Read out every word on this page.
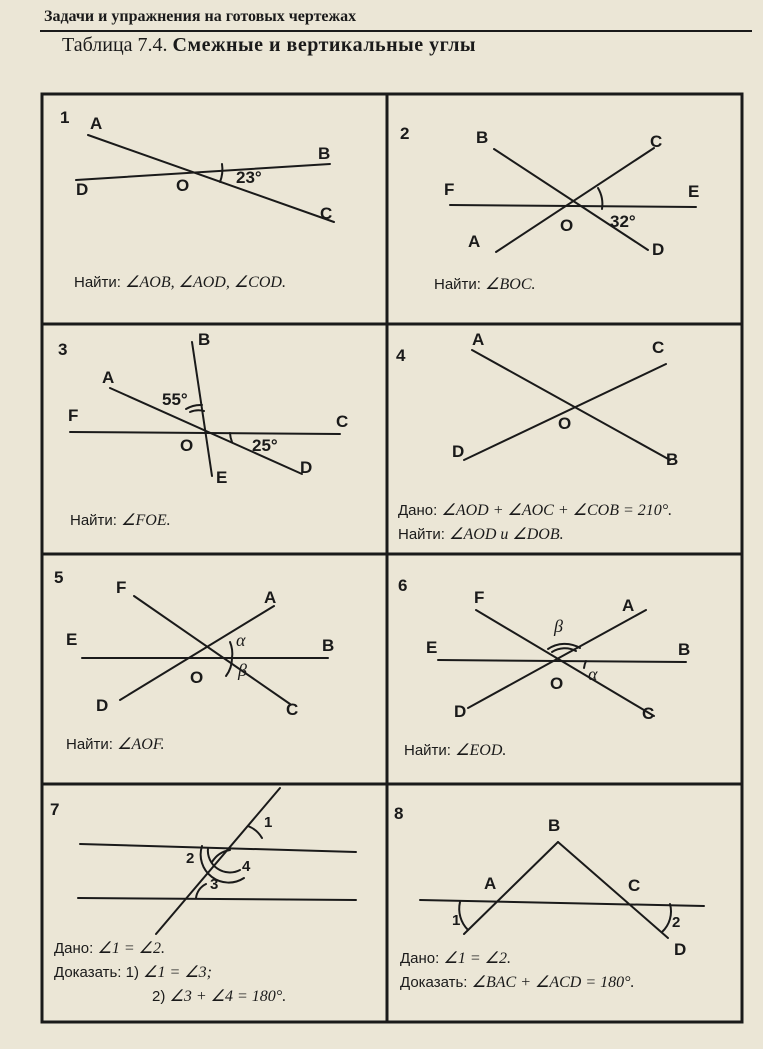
Задачи и упражнения на готовых чертежах
Таблица 7.4. Смежные и вертикальные углы
1 A
B
C
D	O	23°
Найти: ∠AOB, ∠AOD, ∠COD.
2	B	C
F	E
A	D
O 32°
Найти: ∠BOC.
3
B
A
55°
F	C
O	25°
E
D
Найти: ∠FOE.
4
A	C
O
D	B
Дано: ∠AOD + ∠AOC + ∠COB = 210°.
Найти: ∠AOD и ∠DOB.
5
F
A
E	α	B
β
O
D	C
Найти: ∠AOF.
6
F
β
A
E	B
O α
D	C
Найти: ∠EOD.
7
1
2	4
3
Дано: ∠1 = ∠2.
Доказать: 1) ∠1 = ∠3;
2) ∠3 + ∠4 = 180°.
8
B
A	C
1	2
D
Дано: ∠1 = ∠2.
Доказать: ∠BAC + ∠ACD = 180°.
